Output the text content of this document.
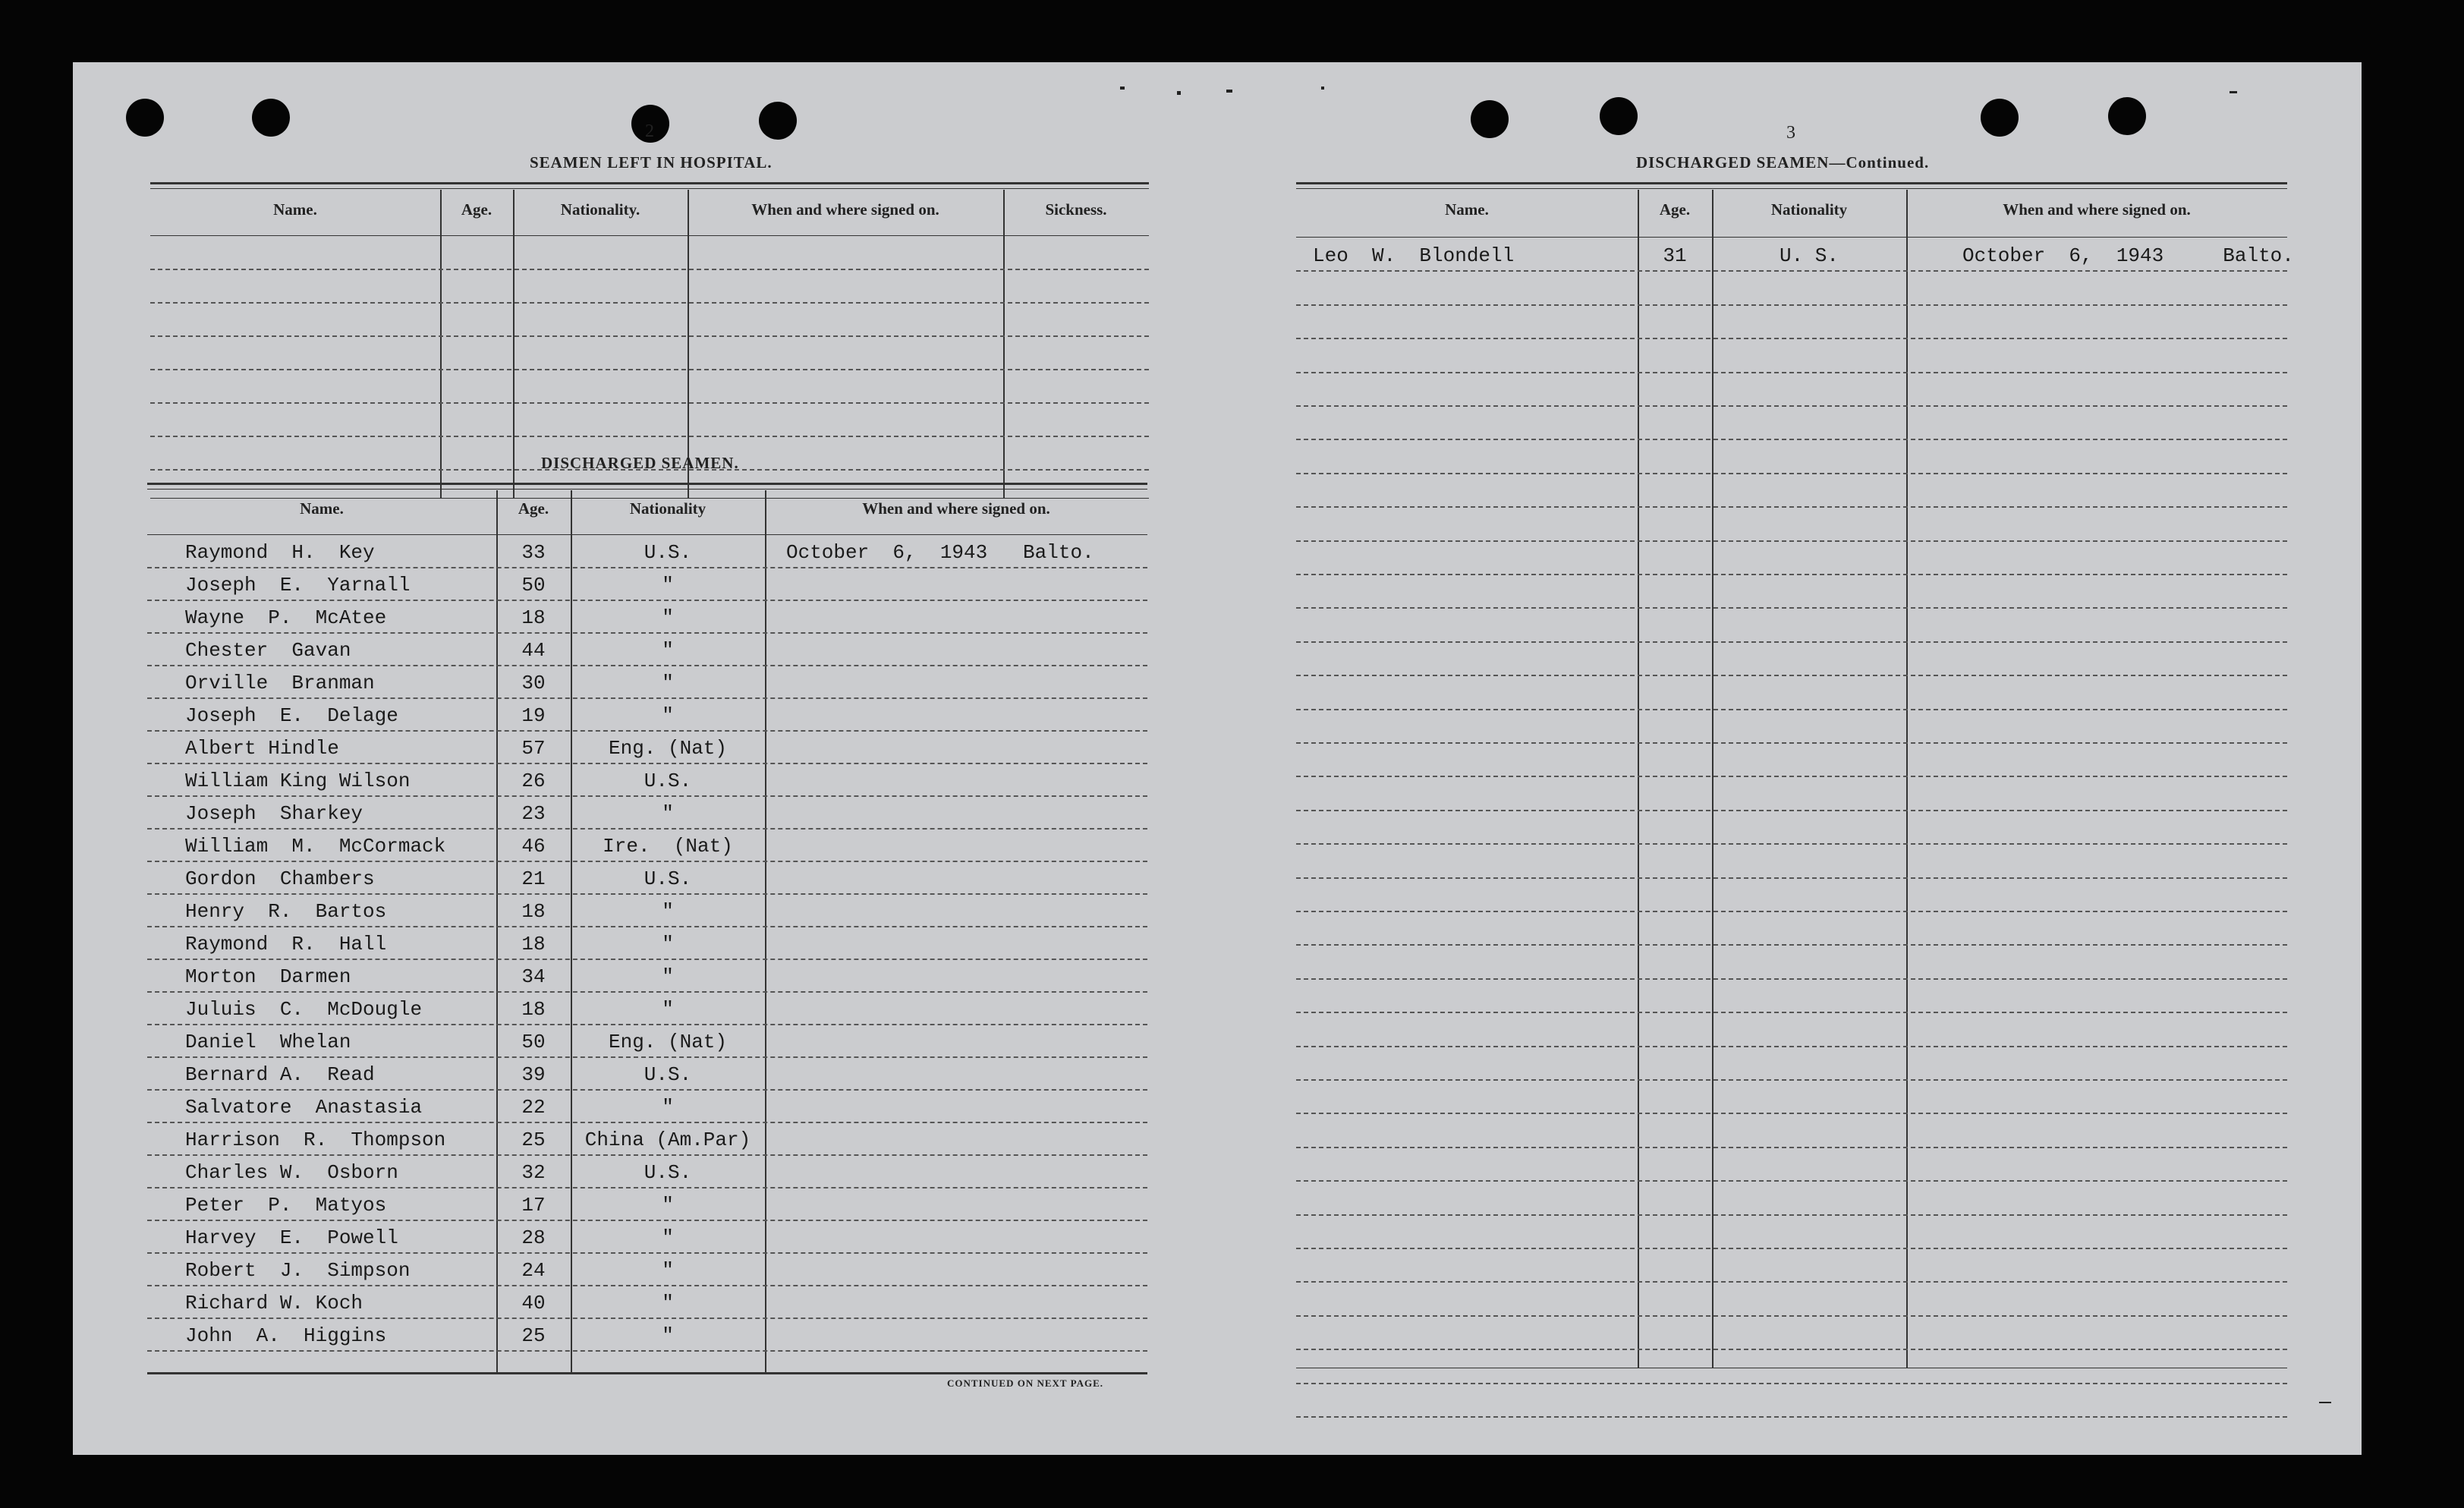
2
SEAMEN LEFT IN HOSPITAL.
Name.	Age.	Nationality.	When and where signed on.	Sickness.
DISCHARGED SEAMEN.
Name.	Age.	Nationality	When and where signed on.
Raymond  H.  Key	33	U.S.	October  6,  1943   Balto.
Joseph  E.  Yarnall	50	"
Wayne  P.  McAtee	18	"
Chester  Gavan	44	"
Orville  Branman	30	"
Joseph  E.  Delage	19	"
Albert Hindle	57	Eng. (Nat)
William King Wilson	26	U.S.
Joseph  Sharkey	23	"
William  M.  McCormack	46	Ire.  (Nat)
Gordon  Chambers	21	U.S.
Henry  R.  Bartos	18	"
Raymond  R.  Hall	18	"
Morton  Darmen	34	"
Juluis  C.  McDougle	18	"
Daniel  Whelan	50	Eng. (Nat)
Bernard A.  Read	39	U.S.
Salvatore  Anastasia	22	"
Harrison  R.  Thompson	25	China (Am.Par)
Charles W.  Osborn	32	U.S.
Peter  P.  Matyos	17	"
Harvey  E.  Powell	28	"
Robert  J.  Simpson	24	"
Richard W. Koch	40	"
John  A.  Higgins	25	"
CONTINUED ON NEXT PAGE.
3
DISCHARGED SEAMEN—Continued.
Name.	Age.	Nationality	When and where signed on.
Leo  W.  Blondell	31	U. S.	October  6,  1943     Balto.
